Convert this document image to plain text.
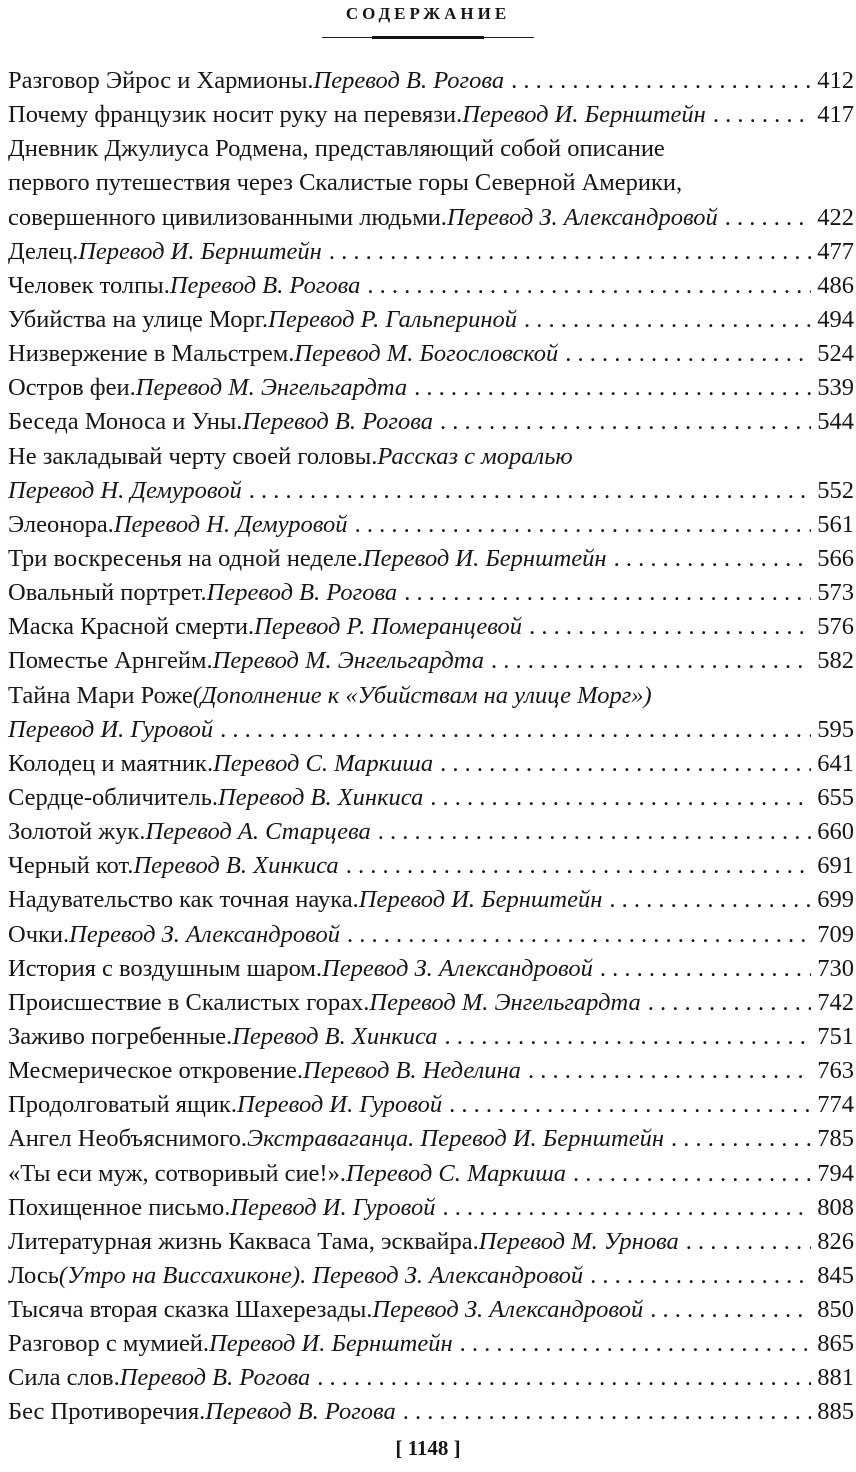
СОДЕРЖАНИЕ
Разговор Эйрос и Хармионы. Перевод В. Рогова . . .	412
Почему французик носит руку на перевязи. Перевод И. Бернштейн . . .	417
Дневник Джулиуса Родмена, представляющий собой описание
первого путешествия через Скалистые горы Северной Америки,
совершенного цивилизованными людьми. Перевод З. Александровой . . .	422
Делец. Перевод И. Бернштейн . . .	477
Человек толпы. Перевод В. Рогова . . .	486
Убийства на улице Морг. Перевод Р. Гальпериной . . .	494
Низвержение в Мальстрем. Перевод М. Богословской . . .	524
Остров феи. Перевод М. Энгельгардта . . .	539
Беседа Моноса и Уны. Перевод В. Рогова . . .	544
Не закладывай черту своей головы. Рассказ с моралью
Перевод Н. Демуровой . . .	552
Элеонора. Перевод Н. Демуровой . . .	561
Три воскресенья на одной неделе. Перевод И. Бернштейн . . .	566
Овальный портрет. Перевод В. Рогова . . .	573
Маска Красной смерти. Перевод Р. Померанцевой . . .	576
Поместье Арнгейм. Перевод М. Энгельгардта . . .	582
Тайна Мари Роже (Дополнение к «Убийствам на улице Морг»)
Перевод И. Гуровой . . .	595
Колодец и маятник. Перевод С. Маркиша . . .	641
Сердце-обличитель. Перевод В. Хинкиса . . .	655
Золотой жук. Перевод А. Старцева . . .	660
Черный кот. Перевод В. Хинкиса . . .	691
Надувательство как точная наука. Перевод И. Бернштейн . . .	699
Очки. Перевод З. Александровой . . .	709
История с воздушным шаром. Перевод З. Александровой . . .	730
Происшествие в Скалистых горах. Перевод М. Энгельгардта . . .	742
Заживо погребенные. Перевод В. Хинкиса . . .	751
Месмерическое откровение. Перевод В. Неделина . . .	763
Продолговатый ящик. Перевод И. Гуровой . . .	774
Ангел Необъяснимого. Экстраваганца. Перевод И. Бернштейн . . .	785
«Ты еси муж, сотворивый сие!». Перевод С. Маркиша . . .	794
Похищенное письмо. Перевод И. Гуровой . . .	808
Литературная жизнь Какваса Тама, эсквайра. Перевод М. Урнова . . .	826
Лось (Утро на Виссахиконе). Перевод З. Александровой . . .	845
Тысяча вторая сказка Шахерезады. Перевод З. Александровой . . .	850
Разговор с мумией. Перевод И. Бернштейн . . .	865
Сила слов. Перевод В. Рогова . . .	881
Бес Противоречия. Перевод В. Рогова . . .	885
[ 1148 ]
